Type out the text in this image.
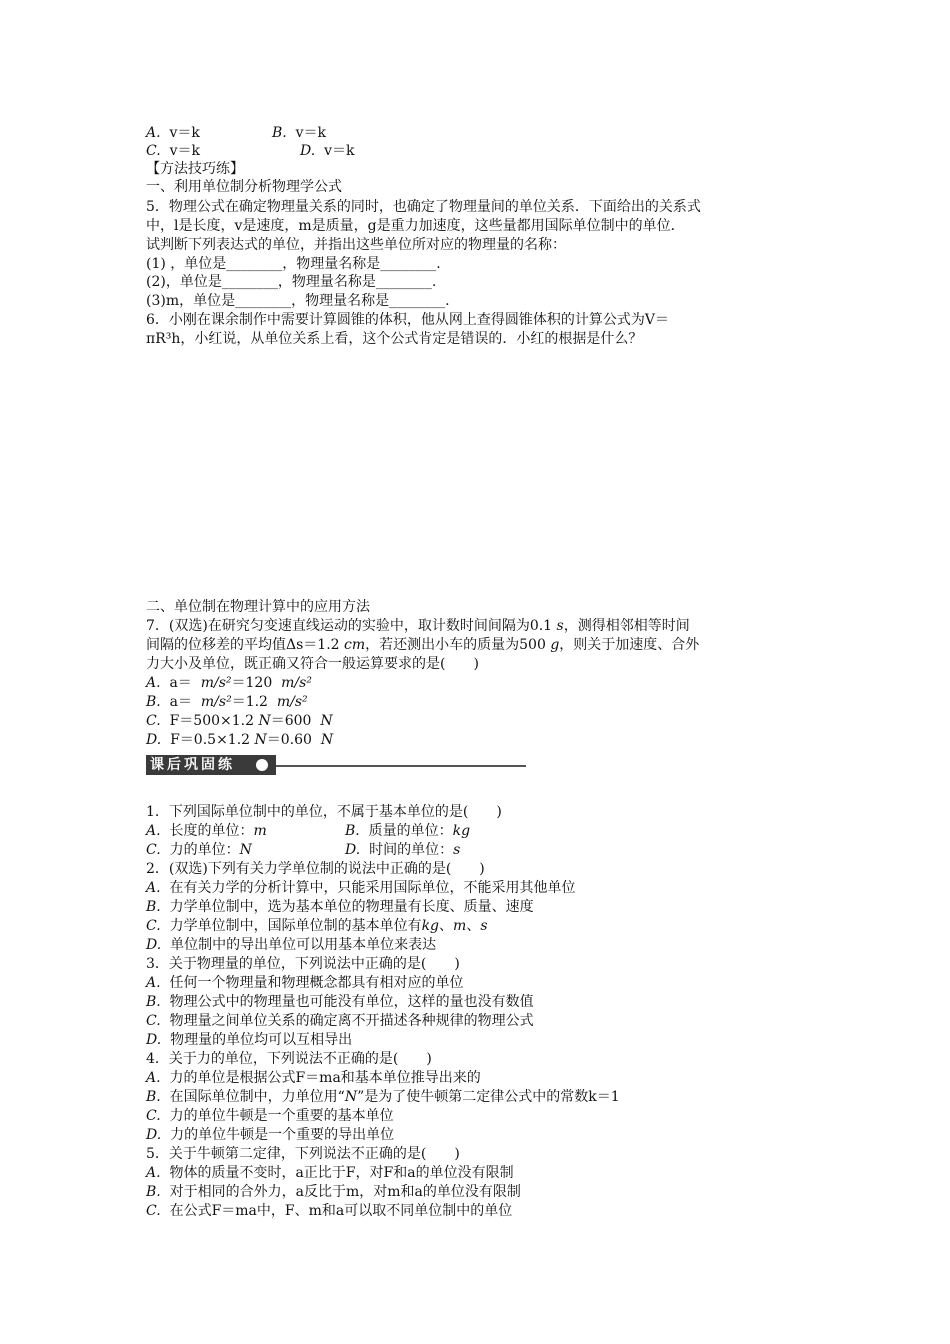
A.  v＝k	B.  v＝k
C.  v＝k	D.  v＝k
【方法技巧练】
一、利用单位制分析物理学公式
5．物理公式在确定物理量关系的同时，也确定了物理量间的单位关系．下面给出的关系式
中，l是长度，v是速度，m是质量，g是重力加速度，这些量都用国际单位制中的单位．
试判断下列表达式的单位，并指出这些单位所对应的物理量的名称：
(1) ，单位是________，物理量名称是________.
(2)，单位是________，物理量名称是________.
(3)m，单位是________，物理量名称是________.
6．小刚在课余制作中需要计算圆锥的体积，他从网上查得圆锥体积的计算公式为V＝
πR³h，小红说，从单位关系上看，这个公式肯定是错误的．小红的根据是什么？
二、单位制在物理计算中的应用方法
7．(双选)在研究匀变速直线运动的实验中，取计数时间间隔为0.1 s，测得相邻相等时间
间隔的位移差的平均值Δs＝1.2 cm，若还测出小车的质量为500 g，则关于加速度、合外
力大小及单位，既正确又符合一般运算要求的是(　　)
A.  a＝  m/s²＝120  m/s²
B.  a＝  m/s²＝1.2  m/s²
C.  F＝500×1.2 N＝600  N
D.  F＝0.5×1.2 N＝0.60  N
1．下列国际单位制中的单位，不属于基本单位的是(　　)
A.  长度的单位：m	B.  质量的单位：kg
C.  力的单位：N	D.  时间的单位：s
2．(双选)下列有关力学单位制的说法中正确的是(　　)
A.  在有关力学的分析计算中，只能采用国际单位，不能采用其他单位
B.  力学单位制中，选为基本单位的物理量有长度、质量、速度
C.  力学单位制中，国际单位制的基本单位有kg、m、s
D.  单位制中的导出单位可以用基本单位来表达
3．关于物理量的单位，下列说法中正确的是(　　)
A.  任何一个物理量和物理概念都具有相对应的单位
B.  物理公式中的物理量也可能没有单位，这样的量也没有数值
C.  物理量之间单位关系的确定离不开描述各种规律的物理公式
D.  物理量的单位均可以互相导出
4．关于力的单位，下列说法不正确的是(　　)
A.  力的单位是根据公式F＝ma和基本单位推导出来的
B.  在国际单位制中，力单位用“N”是为了使牛顿第二定律公式中的常数k＝1
C.  力的单位牛顿是一个重要的基本单位
D.  力的单位牛顿是一个重要的导出单位
5．关于牛顿第二定律，下列说法不正确的是(　　)
A.  物体的质量不变时，a正比于F，对F和a的单位没有限制
B.  对于相同的合外力，a反比于m，对m和a的单位没有限制
C.  在公式F＝ma中，F、m和a可以取不同单位制中的单位
课后巩固练
